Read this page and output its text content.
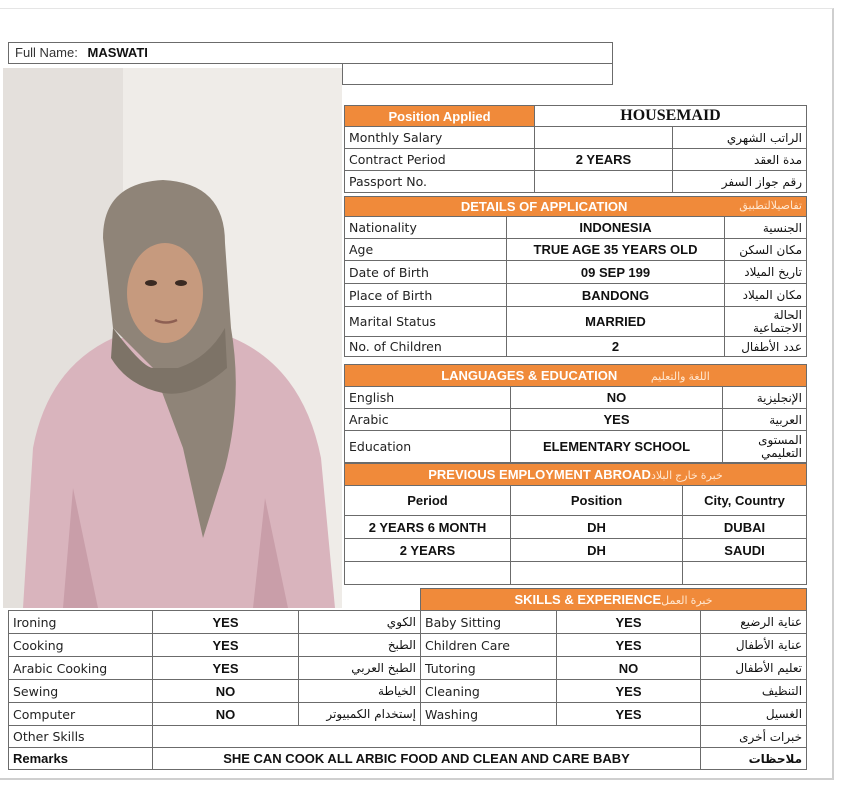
Full Name: MASWATI
Position Applied	HOUSEMAID	
Monthly Salary		الراتب الشهري
Contract Period	2 YEARS	مدة العقد
Passport No.		رقم جواز السفر
DETAILS OF APPLICATION تفاصيلالتطبيق		

Nationality	INDONESIA	الجنسية
Age	TRUE AGE 35 YEARS OLD	مكان السكن
Date of Birth	09 SEP 199	تاريخ الميلاد
Place of Birth	BANDONG	مكان الميلاد
Marital Status	MARRIED	الحالة الاجتماعية
No. of Children	2	عدد الأطفال
LANGUAGES & EDUCATION اللغة والتعليم		
English	NO	الإنجليزية
Arabic	YES	العربية
Education	ELEMENTARY SCHOOL	المستوى التعليمي
PREVIOUS EMPLOYMENT ABROADخبرة خارج البلاد		
Period	Position	City, Country
2 YEARS 6 MONTH	DH	DUBAI
2 YEARS	DH	SAUDI

			SKILLS & EXPERIENCEخبرة العمل		
Ironing	YES	الكوي	Baby Sitting	YES	عناية الرضيع
Cooking	YES	الطبخ	Children Care	YES	عناية الأطفال
Arabic Cooking	YES	الطبخ العربي	Tutoring	NO	تعليم الأطفال
Sewing	NO	الخياطة	Cleaning	YES	التنظيف
Computer	NO	إستخدام الكمبيوتر	Washing	YES	الغسيل
Other Skills					خبرات أخرى
Remarks	SHE CAN COOK ALL ARBIC FOOD AND CLEAN AND CARE BABY				ملاحظات
